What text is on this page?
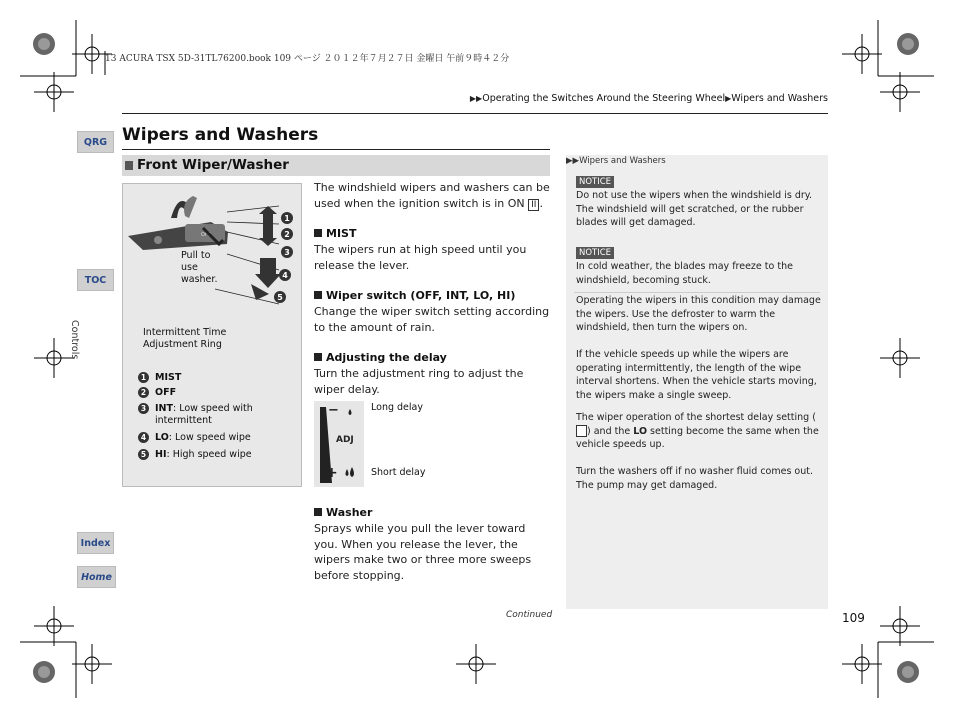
13 ACURA TSX 5D-31TL76200.book 109 ページ ２０１２年７月２７日 金曜日 午前９時４２分
▶▶Operating the Switches Around the Steering Wheel▶Wipers and Washers
Wipers and Washers
Front Wiper/Washer
QRG
TOC
Controls
Index
Home
OFF
1
2
3
4
5
Pull to
use
washer.
Intermittent Time
Adjustment Ring
1 MIST
2 OFF
3 INT: Low speed with
intermittent
4 LO: Low speed wipe
5 HI: High speed wipe
The windshield wipers and washers can be used when the ignition switch is in ON II .
MIST
The wipers run at high speed until you release the lever.
Wiper switch (OFF, INT, LO, HI)
Change the wiper switch setting according to the amount of rain.
Adjusting the delay
Turn the adjustment ring to adjust the wiper delay.
−
ADJ
+
Long delay
Short delay
Washer
Sprays while you pull the lever toward you. When you release the lever, the wipers make two or three more sweeps before stopping.
▶▶Wipers and Washers
NOTICE
Do not use the wipers when the windshield is dry. The windshield will get scratched, or the rubber blades will get damaged.
NOTICE
In cold weather, the blades may freeze to the windshield, becoming stuck.
Operating the wipers in this condition may damage the wipers. Use the defroster to warm the windshield, then turn the wipers on.
If the vehicle speeds up while the wipers are operating intermittently, the length of the wipe interval shortens. When the vehicle starts moving, the wipers make a single sweep.
The wiper operation of the shortest delay setting () and the LO setting become the same when the vehicle speeds up.
Turn the washers off if no washer fluid comes out. The pump may get damaged.
Continued	109
